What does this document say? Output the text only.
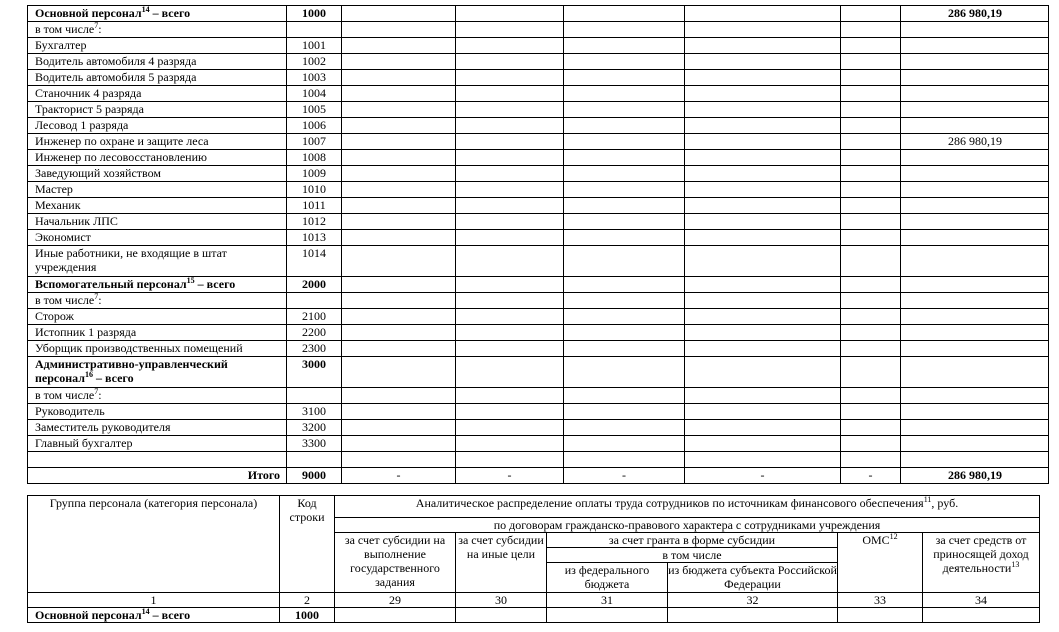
Основной персонал$^{14}$ – всего	1000						286 980,19
в том числе$^7$:							
Бухгалтер	1001						
Водитель автомобиля 4 разряда	1002						
Водитель автомобиля 5 разряда	1003						
Станочник 4 разряда	1004						
Тракторист 5 разряда	1005						
Лесовод 1 разряда	1006						
Инженер по охране и защите леса	1007						286 980,19
Инженер по лесовосстановлению	1008						
Заведующий хозяйством	1009						
Мастер	1010						
Механик	1011						
Начальник ЛПС	1012						
Экономист	1013						
Иные работники, не входящие в штат учреждения	1014						
Вспомогательный персонал$^{15}$ – всего	2000						
в том числе$^7$:							
Сторож	2100						
Истопник 1 разряда	2200						
Уборщик производственных помещений	2300						
Административно-управленческий персонал$^{16}$ – всего	3000						
в том числе$^7$:							
Руководитель	3100						
Заместитель руководителя	3200						
Главный бухгалтер	3300						

Итого	9000	-	-	-	-	-	286 980,19
Группа персонала (категория персонала)	Код строки	Аналитическое распределение оплаты труда сотрудников по источникам финансового обеспечения$^{11}$, руб.					
		по договорам гражданско-правового характера с сотрудниками учреждения					
		за счет субсидии на выполнение государственного задания	за счет субсидии на иные цели	за счет гранта в форме субсидии		ОМС$^{12}$	за счет средств от приносящей доход деятельности$^{13}$
				в том числе			
				из федерального бюджета	из бюджета субъекта Российской Федерации		
1	2	29	30	31	32	33	34
Основной персонал$^{14}$ – всего	1000						
